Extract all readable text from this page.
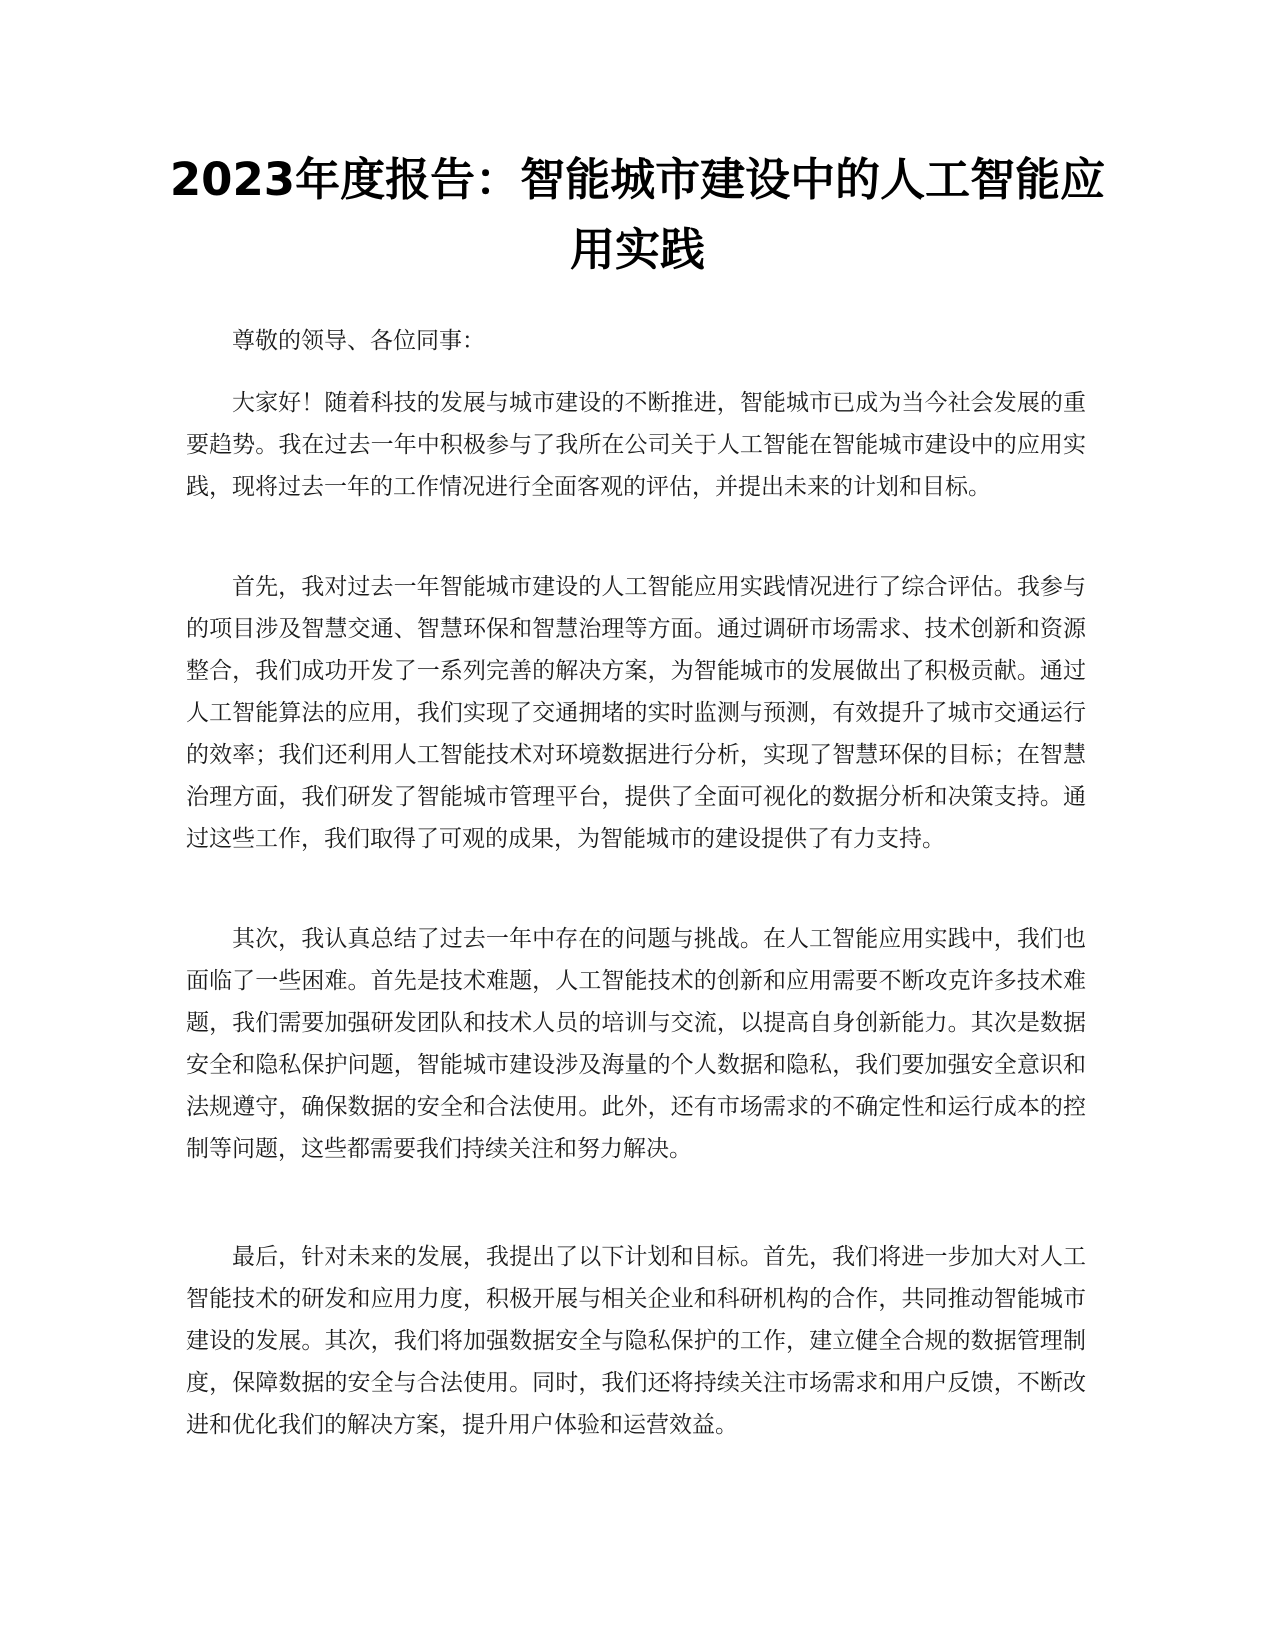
2023年度报告：智能城市建设中的人工智能应用实践

尊敬的领导、各位同事：

大家好！随着科技的发展与城市建设的不断推进，智能城市已成为当今社会发展的重要趋势。我在过去一年中积极参与了我所在公司关于人工智能在智能城市建设中的应用实践，现将过去一年的工作情况进行全面客观的评估，并提出未来的计划和目标。

首先，我对过去一年智能城市建设的人工智能应用实践情况进行了综合评估。我参与的项目涉及智慧交通、智慧环保和智慧治理等方面。通过调研市场需求、技术创新和资源整合，我们成功开发了一系列完善的解决方案，为智能城市的发展做出了积极贡献。通过人工智能算法的应用，我们实现了交通拥堵的实时监测与预测，有效提升了城市交通运行的效率；我们还利用人工智能技术对环境数据进行分析，实现了智慧环保的目标；在智慧治理方面，我们研发了智能城市管理平台，提供了全面可视化的数据分析和决策支持。通过这些工作，我们取得了可观的成果，为智能城市的建设提供了有力支持。

其次，我认真总结了过去一年中存在的问题与挑战。在人工智能应用实践中，我们也面临了一些困难。首先是技术难题，人工智能技术的创新和应用需要不断攻克许多技术难题，我们需要加强研发团队和技术人员的培训与交流，以提高自身创新能力。其次是数据安全和隐私保护问题，智能城市建设涉及海量的个人数据和隐私，我们要加强安全意识和法规遵守，确保数据的安全和合法使用。此外，还有市场需求的不确定性和运行成本的控制等问题，这些都需要我们持续关注和努力解决。

最后，针对未来的发展，我提出了以下计划和目标。首先，我们将进一步加大对人工智能技术的研发和应用力度，积极开展与相关企业和科研机构的合作，共同推动智能城市建设的发展。其次，我们将加强数据安全与隐私保护的工作，建立健全合规的数据管理制度，保障数据的安全与合法使用。同时，我们还将持续关注市场需求和用户反馈，不断改进和优化我们的解决方案，提升用户体验和运营效益。
